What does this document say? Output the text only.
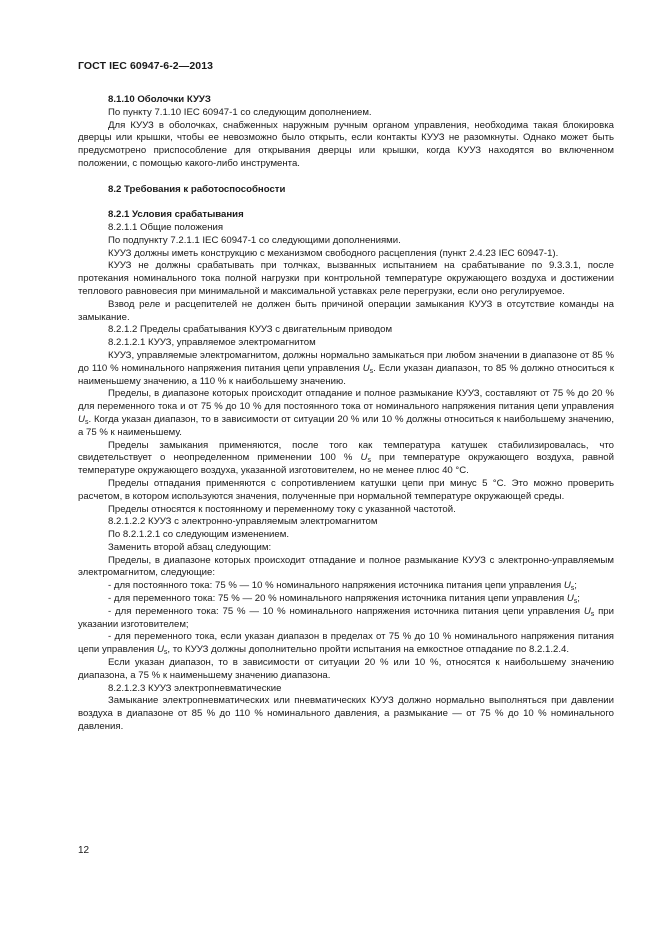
ГОСТ IEC 60947-6-2—2013

8.1.10 Оболочки КУУЗ

По пункту 7.1.10 IEC 60947-1 со следующим дополнением.

Для КУУЗ в оболочках, снабженных наружным ручным органом управления, необходима такая блокировка дверцы или крышки, чтобы ее невозможно было открыть, если контакты КУУЗ не разомкнуты. Однако может быть предусмотрено приспособление для открывания дверцы или крышки, когда КУУЗ находятся во включенном положении, с помощью какого-либо инструмента.

8.2 Требования к работоспособности

8.2.1 Условия срабатывания

8.2.1.1 Общие положения

По подпункту 7.2.1.1 IEC 60947-1 со следующими дополнениями.

КУУЗ должны иметь конструкцию с механизмом свободного расцепления (пункт 2.4.23 IEC 60947-1).

КУУЗ не должны срабатывать при толчках, вызванных испытанием на срабатывание по 9.3.3.1, после протекания номинального тока полной нагрузки при контрольной температуре окружающего воздуха и достижении теплового равновесия при минимальной и максимальной уставках реле перегрузки, если оно регулируемое.

Взвод реле и расцепителей не должен быть причиной операции замыкания КУУЗ в отсутствие команды на замыкание.

8.2.1.2 Пределы срабатывания КУУЗ с двигательным приводом

8.2.1.2.1 КУУЗ, управляемое электромагнитом

КУУЗ, управляемые электромагнитом, должны нормально замыкаться при любом значении в диапазоне от 85 % до 110 % номинального напряжения питания цепи управления $U_s$. Если указан диапазон, то 85 % должно относиться к наименьшему значению, а 110 % к наибольшему значению.

Пределы, в диапазоне которых происходит отпадание и полное размыкание КУУЗ, составляют от 75 % до 20 % для переменного тока и от 75 % до 10 % для постоянного тока от номинального напряжения питания цепи управления $U_s$. Когда указан диапазон, то в зависимости от ситуации 20 % или 10 % должны относиться к наибольшему значению, а 75 % к наименьшему.

Пределы замыкания применяются, после того как температура катушек стабилизировалась, что свидетельствует о неопределенном применении 100 % $U_s$ при температуре окружающего воздуха, равной температуре окружающего воздуха, указанной изготовителем, но не менее плюс 40 °С.

Пределы отпадания применяются с сопротивлением катушки цепи при минус 5 °С. Это можно проверить расчетом, в котором используются значения, полученные при нормальной температуре окружающей среды.

Пределы относятся к постоянному и переменному току с указанной частотой.

8.2.1.2.2 КУУЗ с электронно-управляемым электромагнитом

По 8.2.1.2.1 со следующим изменением.

Заменить второй абзац следующим:

Пределы, в диапазоне которых происходит отпадание и полное размыкание КУУЗ с электронно-управляемым электромагнитом, следующие:

- для постоянного тока: 75 % — 10 % номинального напряжения источника питания цепи управления $U_s$;

- для переменного тока: 75 % — 20 % номинального напряжения источника питания цепи управления $U_s$;

- для переменного тока: 75 % — 10 % номинального напряжения источника питания цепи управления $U_s$ при указании изготовителем;

- для переменного тока, если указан диапазон в пределах от 75 % до 10 % номинального напряжения питания цепи управления $U_s$, то КУУЗ должны дополнительно пройти испытания на емкостное отпадание по 8.2.1.2.4.

Если указан диапазон, то в зависимости от ситуации 20 % или 10 %, относятся к наибольшему значению диапазона, а 75 % к наименьшему значению диапазона.

8.2.1.2.3 КУУЗ электропневматические

Замыкание электропневматических или пневматических КУУЗ должно нормально выполняться при давлении воздуха в диапазоне от 85 % до 110 % номинального давления, а размыкание — от 75 % до 10 % номинального давления.

12
